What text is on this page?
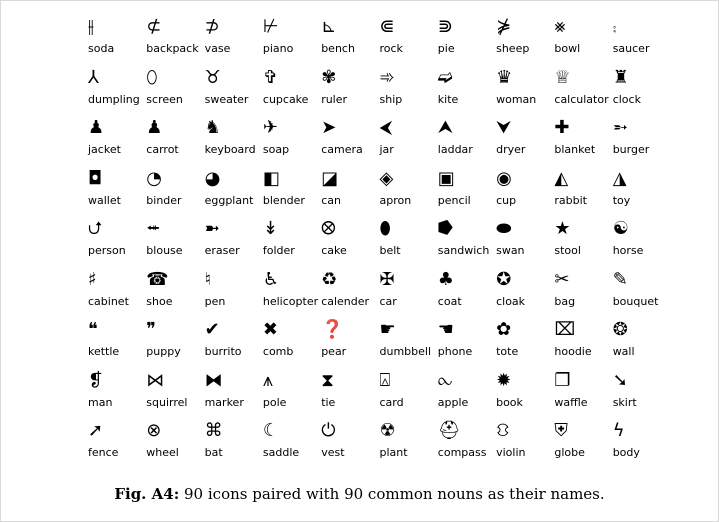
⫲
soda
⊄
backpack
⊅
vase
⊬
piano
⊾
bench
⋐
rock
⋑
pie
⋡
sheep
⨳
bowl
⨾
saucer
⅄
dumpling
⬯
screen
♉
sweater
✞
cupcake
✾
ruler
➾
ship
➫
kite
♛
woman
♕
calculator
♜
clock
♟
jacket
♟
carrot
♞
keyboard
✈
soap
➤
camera
⮜
jar
⮝
laddar
⮟
dryer
✚
blanket
➵
burger
◘
wallet
◔
binder
◕
eggplant
◧
blender
◪
can
◈
apron
▣
pencil
◉
cup
◭
rabbit
◮
toy
⮍
person
⭺
blouse
➼
eraser
↡
folder
⭙
cake
⬮
belt
⭓
sandwich
⬬
swan
★
stool
☯
horse
♯
cabinet
☎
shoe
♮
pen
♿
helicopter
♻
calender
✠
car
♣
coat
✪
cloak
✂
bag
✎
bouquet
❝
kettle
❞
puppy
✔
burrito
✖
comb
❓
pear
☛
dumbbell
☚
phone
✿
tote
⌧
hoodie
❂
wall
❡
man
⋈
squirrel
⧓
marker
⩚
pole
⧗
tie
⍓
card
⧜
apple
✹
book
❐
waffle
➘
skirt
➚
fence
⊗
wheel
⌘
bat
☾
saddle
⏻
vest
☢
plant
⛑
compass
⛻
violin
⛨
globe
ϟ
body
Fig. A4: 90 icons paired with 90 common nouns as their names.
